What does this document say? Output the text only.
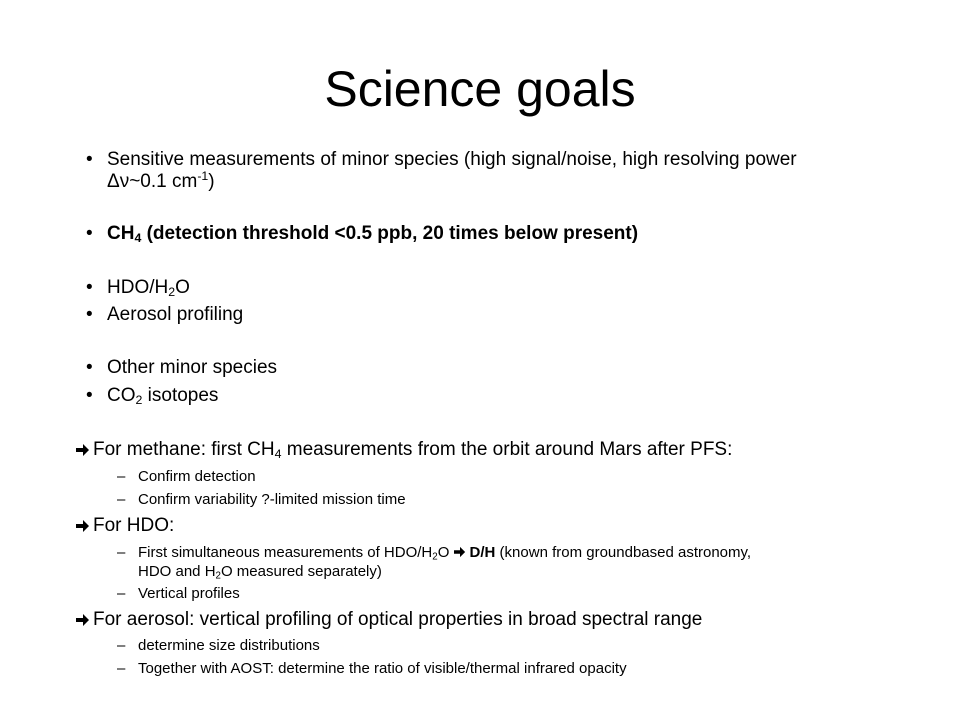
Science goals
• Sensitive measurements of minor species (high signal/noise, high resolving power
Δν~0.1 $cm^{-1}$)
• $CH_4$ (detection threshold <0.5 ppb, 20 times below present)
• HDO/$H_2O$
• Aerosol profiling
• Other minor species
• $CO_2$ isotopes
For methane: first $CH_4$ measurements from the orbit around Mars after PFS:
– Confirm detection
– Confirm variability ?-limited mission time
For HDO:
– First simultaneous measurements of HDO/$H_2O$ D/H (known from groundbased astronomy,
HDO and $H_2O$ measured separately)
– Vertical profiles
For aerosol: vertical profiling of optical properties in broad spectral range
– determine size distributions
– Together with AOST: determine the ratio of visible/thermal infrared opacity
